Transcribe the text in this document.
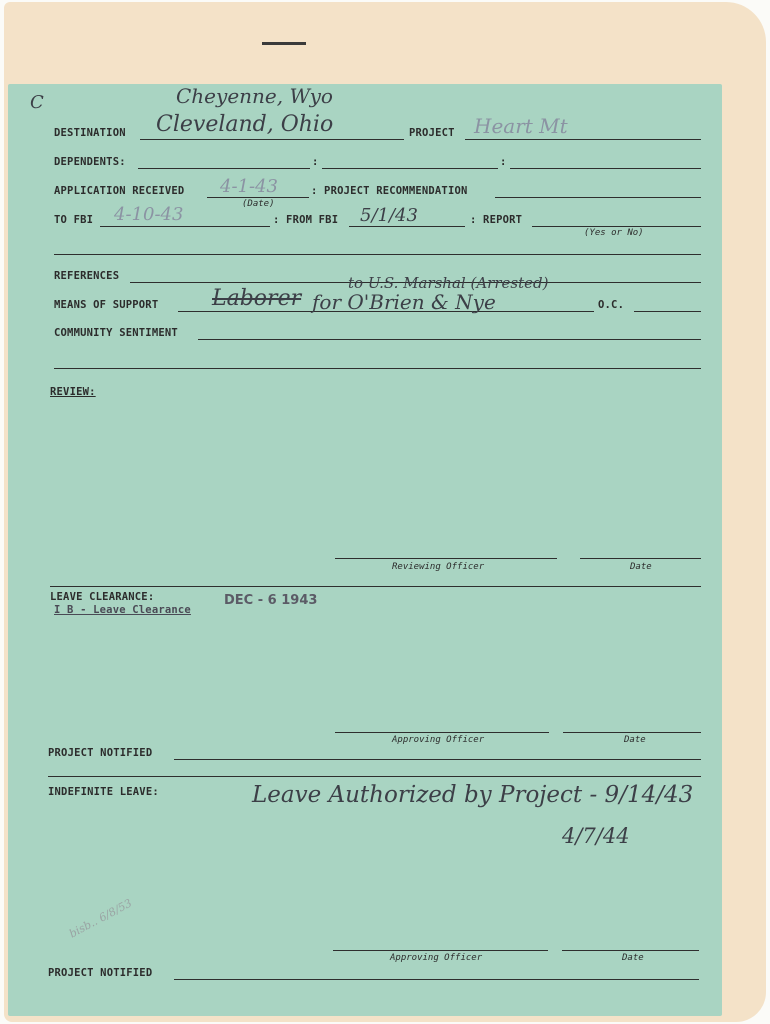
C	Cheyenne, Wyo
DESTINATION Cleveland, Ohio	PROJECT Heart Mt
DEPENDENTS:	:	:
APPLICATION RECEIVED 4-1-43	: PROJECT RECOMMENDATION
(Date)
TO FBI 4-10-43	: FROM FBI 5/1/43	: REPORT
(Yes or No)
REFERENCES	to U.S. Marshal (Arrested)
MEANS OF SUPPORT Laborer for O'Brien & Nye	O.C.
COMMUNITY SENTIMENT
REVIEW:
Reviewing Officer	Date
LEAVE CLEARANCE:
I B - Leave Clearance
DEC - 6 1943
Approving Officer	Date
PROJECT NOTIFIED
INDEFINITE LEAVE:	Leave Authorized by Project - 9/14/43
4/7/44
bisb.. 6/8/53
Approving Officer	Date
PROJECT NOTIFIED
